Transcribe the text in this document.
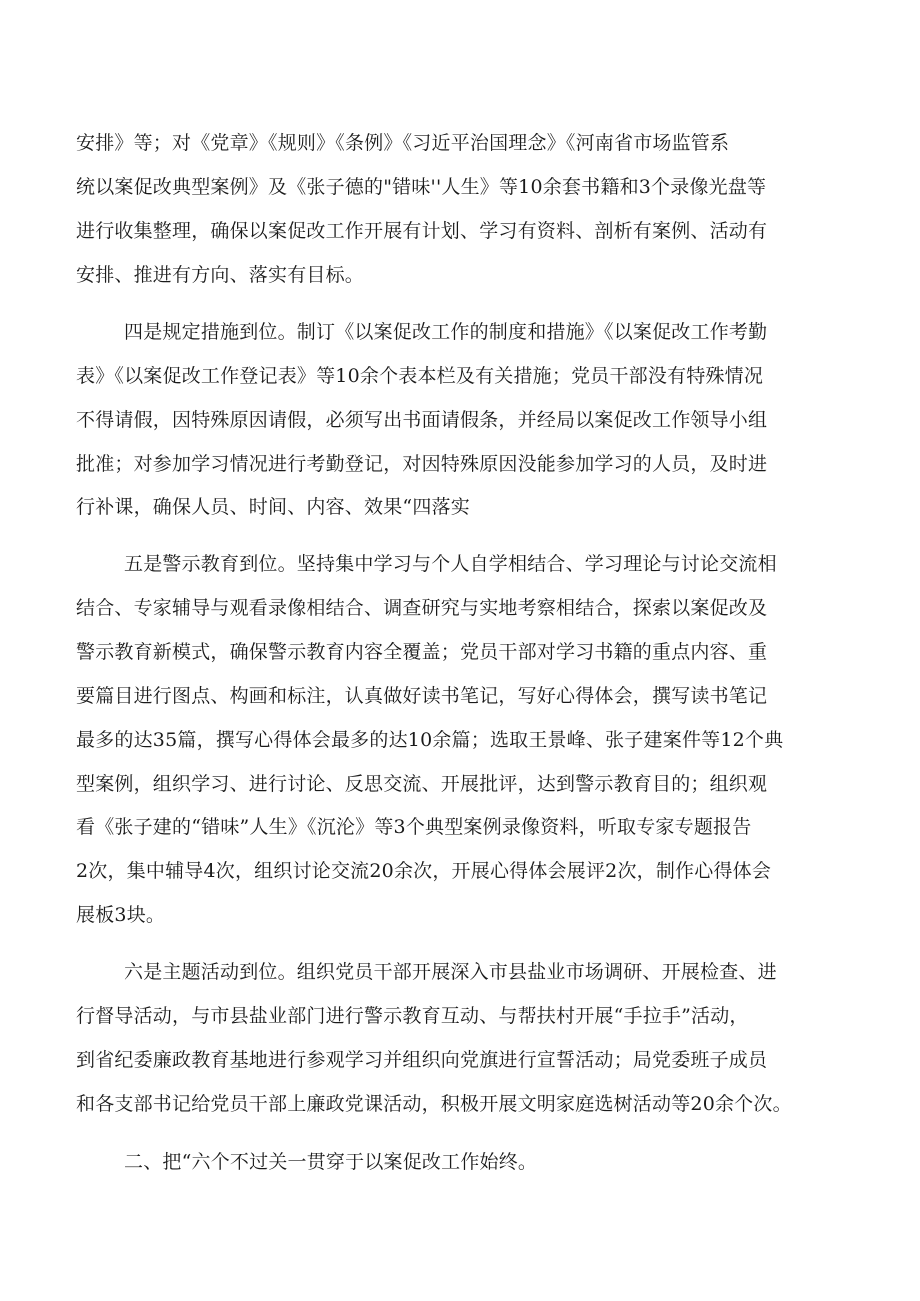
安排》等；对《党章》《规则》《条例》《习近平治国理念》《河南省市场监管系
统以案促改典型案例》及《张子德的"错味''人生》等10余套书籍和3个录像光盘等
进行收集整理，确保以案促改工作开展有计划、学习有资料、剖析有案例、活动有
安排、推进有方向、落实有目标。
四是规定措施到位。制订《以案促改工作的制度和措施》《以案促改工作考勤
表》《以案促改工作登记表》等10余个表本栏及有关措施；党员干部没有特殊情况
不得请假，因特殊原因请假，必须写出书面请假条，并经局以案促改工作领导小组
批准；对参加学习情况进行考勤登记，对因特殊原因没能参加学习的人员，及时进
行补课，确保人员、时间、内容、效果“四落实
五是警示教育到位。坚持集中学习与个人自学相结合、学习理论与讨论交流相
结合、专家辅导与观看录像相结合、调查研究与实地考察相结合，探索以案促改及
警示教育新模式，确保警示教育内容全覆盖；党员干部对学习书籍的重点内容、重
要篇目进行图点、构画和标注，认真做好读书笔记，写好心得体会，撰写读书笔记
最多的达35篇，撰写心得体会最多的达10余篇；选取王景峰、张子建案件等12个典
型案例，组织学习、进行讨论、反思交流、开展批评，达到警示教育目的；组织观
看《张子建的“错味”人生》《沉沦》等3个典型案例录像资料，听取专家专题报告
2次，集中辅导4次，组织讨论交流20余次，开展心得体会展评2次，制作心得体会
展板3块。
六是主题活动到位。组织党员干部开展深入市县盐业市场调研、开展检查、进
行督导活动，与市县盐业部门进行警示教育互动、与帮扶村开展“手拉手”活动，
到省纪委廉政教育基地进行参观学习并组织向党旗进行宣誓活动；局党委班子成员
和各支部书记给党员干部上廉政党课活动，积极开展文明家庭选树活动等20余个次。
二、把“六个不过关一贯穿于以案促改工作始终。
